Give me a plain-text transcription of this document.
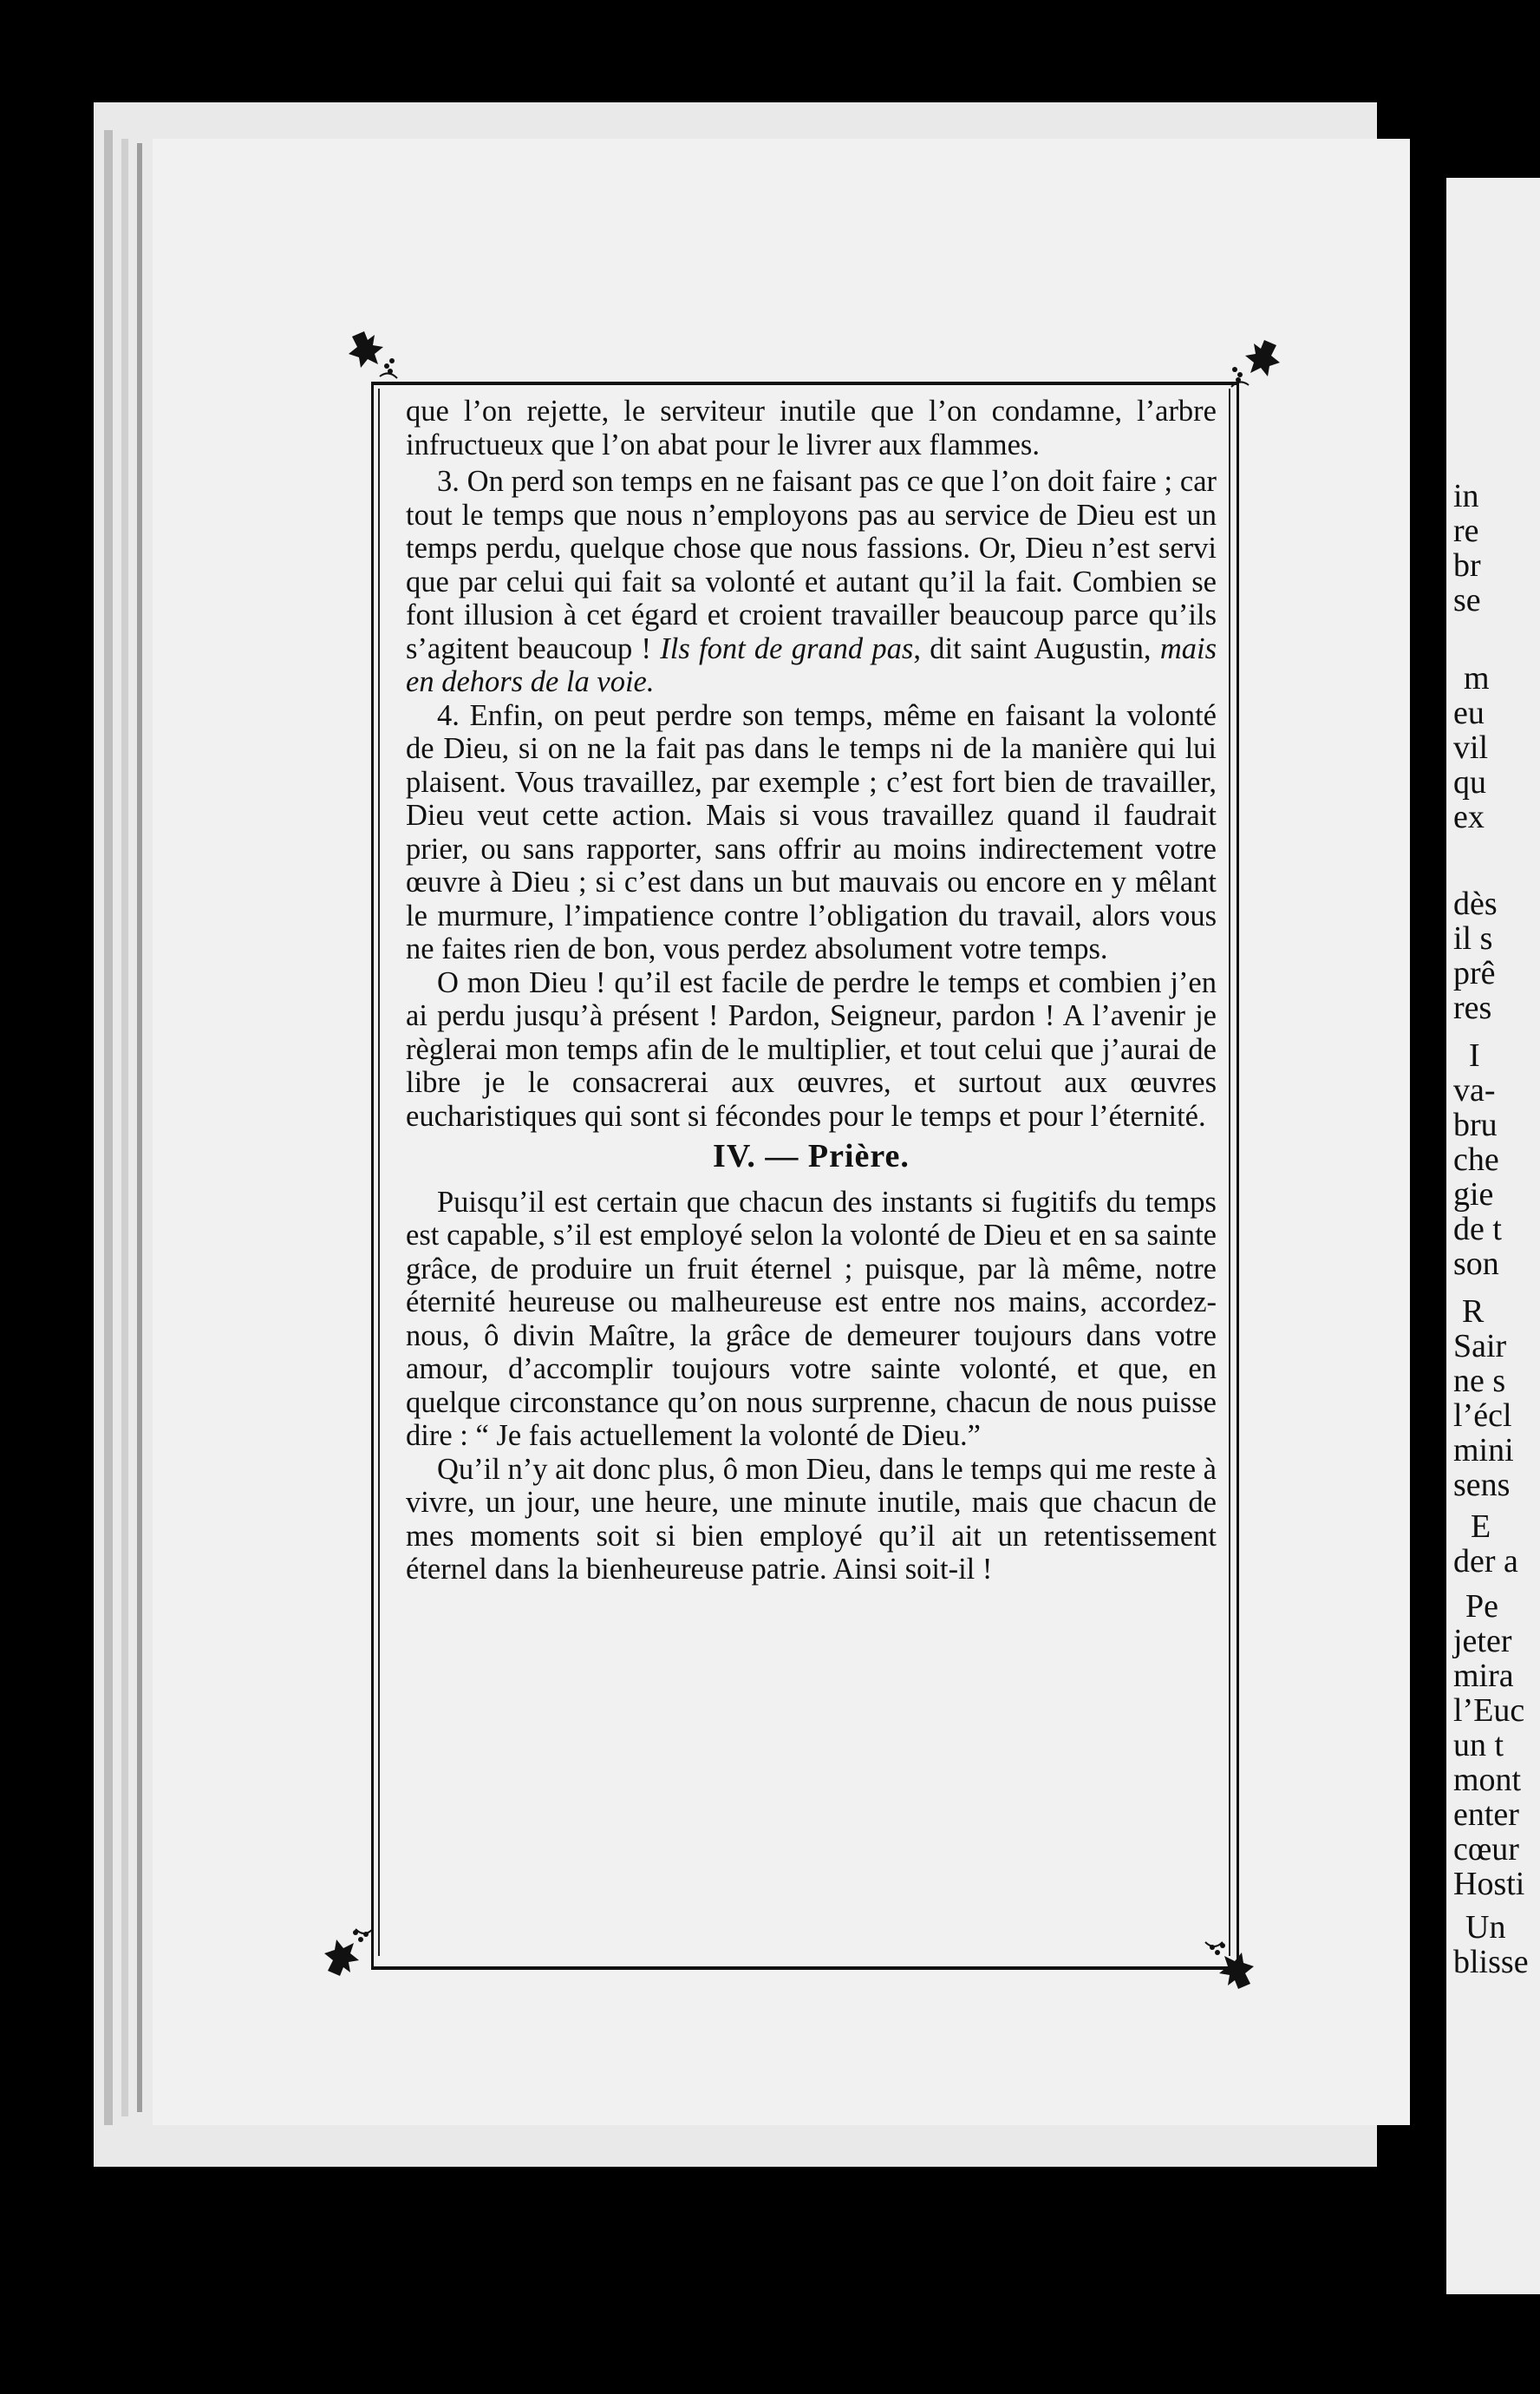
in
re
br
se
m
eu
vil
qu
ex
dès
il s
prê
res
I
va-
bru
che
gie
de t
son
R
Sair
ne s
l’écl
mini
sens
E
der a
Pe
jeter
mira
l’Euc
un t
mont
enter
cœur
Hosti
Un
blisse

que l’on rejette, le serviteur inutile que l’on condamne, l’arbre infructueux que l’on abat pour le livrer aux flammes.

3. On perd son temps en ne faisant pas ce que l’on doit faire ; car tout le temps que nous n’employons pas au service de Dieu est un temps perdu, quelque chose que nous fassions. Or, Dieu n’est servi que par celui qui fait sa volonté et autant qu’il la fait. Combien se font illusion à cet égard et croient travailler beaucoup parce qu’ils s’agitent beaucoup ! Ils font de grand pas, dit saint Augustin, mais en dehors de la voie.

4. Enfin, on peut perdre son temps, même en faisant la volonté de Dieu, si on ne la fait pas dans le temps ni de la manière qui lui plaisent. Vous travaillez, par exemple ; c’est fort bien de travailler, Dieu veut cette action. Mais si vous travaillez quand il faudrait prier, ou sans rapporter, sans offrir au moins indirectement votre œuvre à Dieu ; si c’est dans un but mauvais ou encore en y mêlant le murmure, l’impatience contre l’obligation du travail, alors vous ne faites rien de bon, vous perdez absolument votre temps.

O mon Dieu ! qu’il est facile de perdre le temps et combien j’en ai perdu jusqu’à présent ! Pardon, Seigneur, pardon ! A l’avenir je règlerai mon temps afin de le multiplier, et tout celui que j’aurai de libre je le consacrerai aux œuvres, et surtout aux œuvres eucharistiques qui sont si fécondes pour le temps et pour l’éternité.

IV. — Prière.

Puisqu’il est certain que chacun des instants si fugitifs du temps est capable, s’il est employé selon la volonté de Dieu et en sa sainte grâce, de produire un fruit éternel ; puisque, par là même, notre éternité heureuse ou malheureuse est entre nos mains, accordez-nous, ô divin Maître, la grâce de demeurer toujours dans votre amour, d’accomplir toujours votre sainte volonté, et que, en quelque circonstance qu’on nous surprenne, chacun de nous puisse dire : “ Je fais actuellement la volonté de Dieu.”

Qu’il n’y ait donc plus, ô mon Dieu, dans le temps qui me reste à vivre, un jour, une heure, une minute inutile, mais que chacun de mes moments soit si bien employé qu’il ait un retentissement éternel dans la bienheureuse patrie. Ainsi soit-il !
